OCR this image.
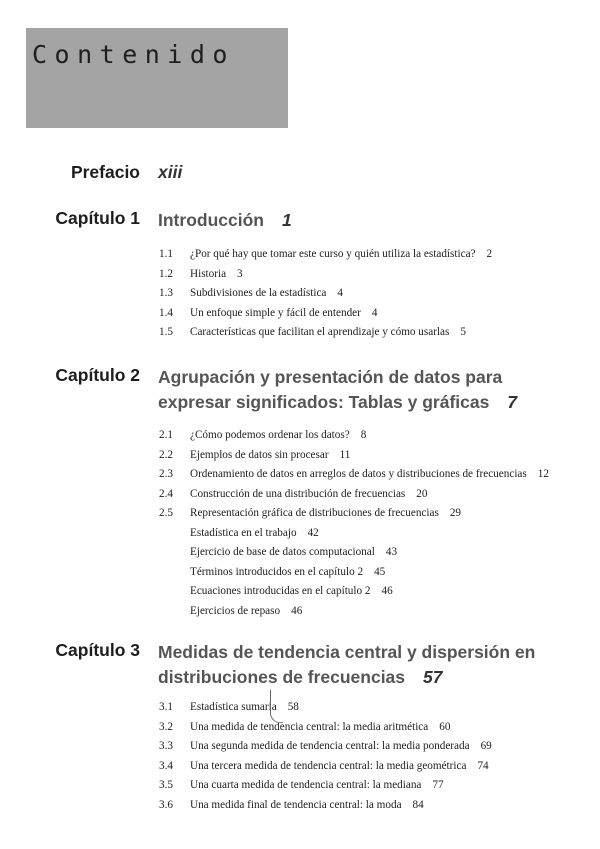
Contenido
Prefacio xiii
Capítulo 1 Introducción 1
1.1 ¿Por qué hay que tomar este curso y quién utiliza la estadística? 2
1.2 Historia 3
1.3 Subdivisiones de la estadística 4
1.4 Un enfoque simple y fácil de entender 4
1.5 Características que facilitan el aprendizaje y cómo usarlas 5
Capítulo 2 Agrupación y presentación de datos para expresar significados: Tablas y gráficas 7
2.1 ¿Cómo podemos ordenar los datos? 8
2.2 Ejemplos de datos sin procesar 11
2.3 Ordenamiento de datos en arreglos de datos y distribuciones de frecuencias 12
2.4 Construcción de una distribución de frecuencias 20
2.5 Representación gráfica de distribuciones de frecuencias 29
Estadística en el trabajo 42
Ejercicio de base de datos computacional 43
Términos introducidos en el capítulo 2 45
Ecuaciones introducidas en el capítulo 2 46
Ejercicios de repaso 46
Capítulo 3 Medidas de tendencia central y dispersión en distribuciones de frecuencias 57
3.1 Estadística sumaria 58
3.2 Una medida de tendencia central: la media aritmética 60
3.3 Una segunda medida de tendencia central: la media ponderada 69
3.4 Una tercera medida de tendencia central: la media geométrica 74
3.5 Una cuarta medida de tendencia central: la mediana 77
3.6 Una medida final de tendencia central: la moda 84
